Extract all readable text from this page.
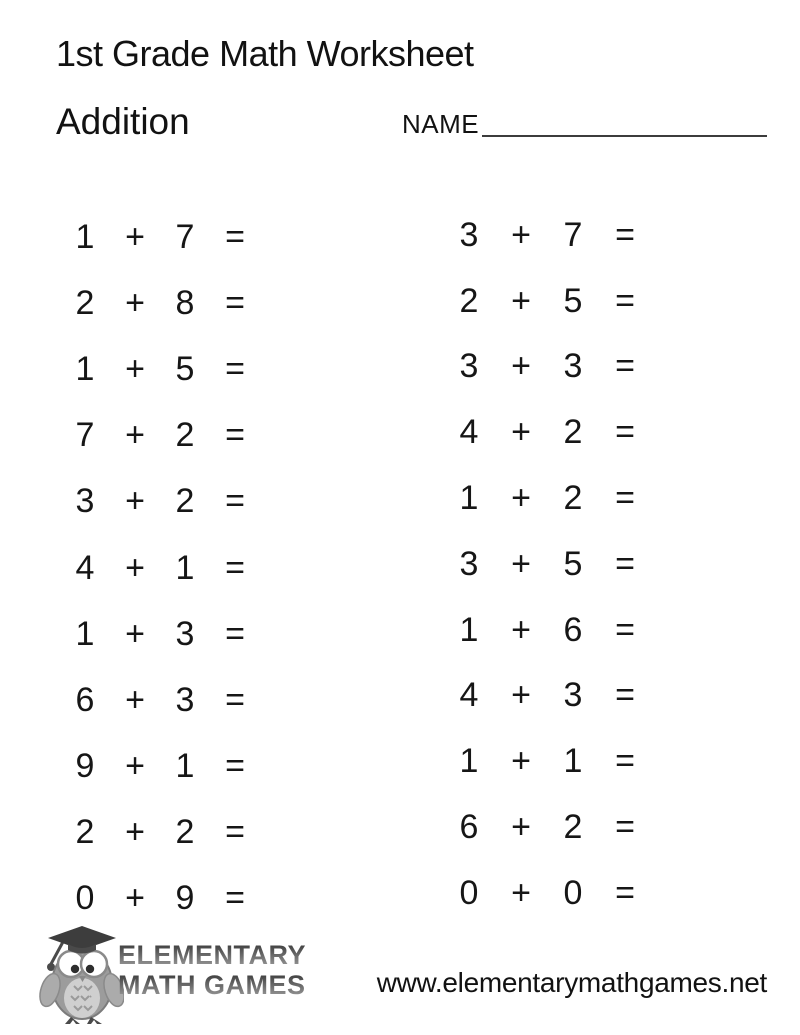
1st Grade Math Worksheet
Addition	NAME
1 + 7 =
2 + 8 =
1 + 5 =
7 + 2 =
3 + 2 =
4 + 1 =
1 + 3 =
6 + 3 =
9 + 1 =
2 + 2 =
0 + 9 =
3 + 7 =
2 + 5 =
3 + 3 =
4 + 2 =
1 + 2 =
3 + 5 =
1 + 6 =
4 + 3 =
1 + 1 =
6 + 2 =
0 + 0 =
ELEMENTARY
MATH GAMES	www.elementarymathgames.net
